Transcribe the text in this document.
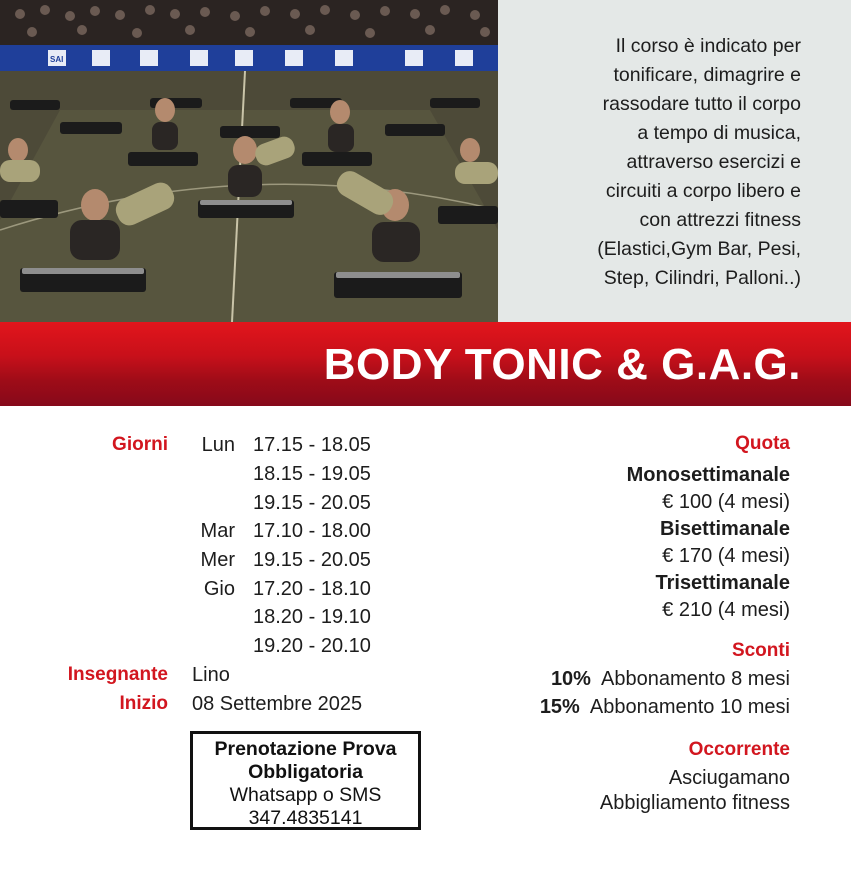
SAI
Il corso è indicato per
tonificare, dimagrire e
rassodare tutto il corpo
a tempo di musica,
attraverso esercizi e
circuiti a corpo libero e
con attrezzi fitness
(Elastici,Gym Bar, Pesi,
Step, Cilindri, Palloni..)
BODY TONIC & G.A.G.
Giorni	Lun 17.15 - 18.05
18.15 - 19.05
19.15 - 20.05
Mar 17.10 - 18.00
Mer 19.15 - 20.05
Gio 17.20 - 18.10
18.20 - 19.10
19.20 - 20.10
Insegnante Lino
Inizio 08 Settembre 2025
Prenotazione Prova
Obbligatoria
Whatsapp o SMS
347.4835141
Quota
Monosettimanale
€ 100 (4 mesi)
Bisettimanale
€ 170 (4 mesi)
Trisettimanale
€ 210 (4 mesi)
Sconti
10% Abbonamento 8 mesi
15% Abbonamento 10 mesi
Occorrente
Asciugamano
Abbigliamento fitness
